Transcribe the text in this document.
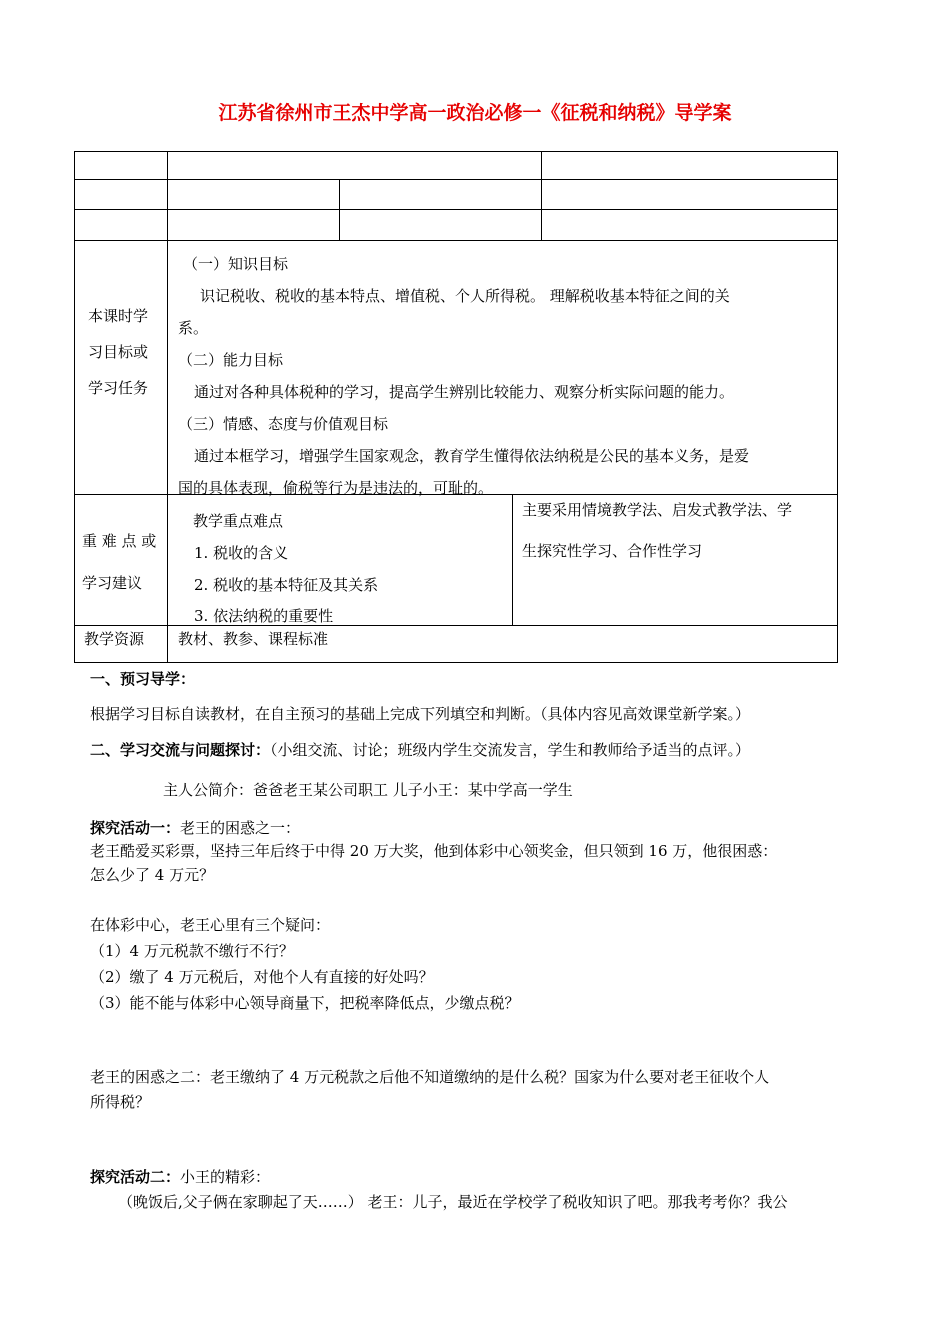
江苏省徐州市王杰中学高一政治必修一《征税和纳税》导学案
本课时学
习目标或
学习任务
（一）知识目标
识记税收、税收的基本特点、增值税、个人所得税。 理解税收基本特征之间的关
系。
（二）能力目标
通过对各种具体税种的学习，提高学生辨别比较能力、观察分析实际问题的能力。
（三）情感、态度与价值观目标
通过本框学习，增强学生国家观念，教育学生懂得依法纳税是公民的基本义务，是爱
国的具体表现，偷税等行为是违法的，可耻的。
重 难 点 或
学习建议
教学重点难点
1. 税收的含义
2. 税收的基本特征及其关系
3. 依法纳税的重要性
主要采用情境教学法、启发式教学法、学
生探究性学习、合作性学习
教学资源 教材、教参、课程标准
一、预习导学：
根据学习目标自读教材，在自主预习的基础上完成下列填空和判断。（具体内容见高效课堂新学案。）
二、学习交流与问题探讨：（小组交流、讨论；班级内学生交流发言，学生和教师给予适当的点评。）
主人公简介：爸爸老王某公司职工 儿子小王：某中学高一学生
探究活动一：老王的困惑之一：
老王酷爱买彩票，坚持三年后终于中得 20 万大奖，他到体彩中心领奖金，但只领到 16 万，他很困惑：
怎么少了 4 万元？
在体彩中心，老王心里有三个疑问：
（1）4 万元税款不缴行不行？
（2）缴了 4 万元税后，对他个人有直接的好处吗？
（3）能不能与体彩中心领导商量下，把税率降低点，少缴点税？
老王的困惑之二：老王缴纳了 4 万元税款之后他不知道缴纳的是什么税？国家为什么要对老王征收个人
所得税？
探究活动二：小王的精彩：
（晚饭后,父子俩在家聊起了天……） 老王：儿子，最近在学校学了税收知识了吧。那我考考你？我公
